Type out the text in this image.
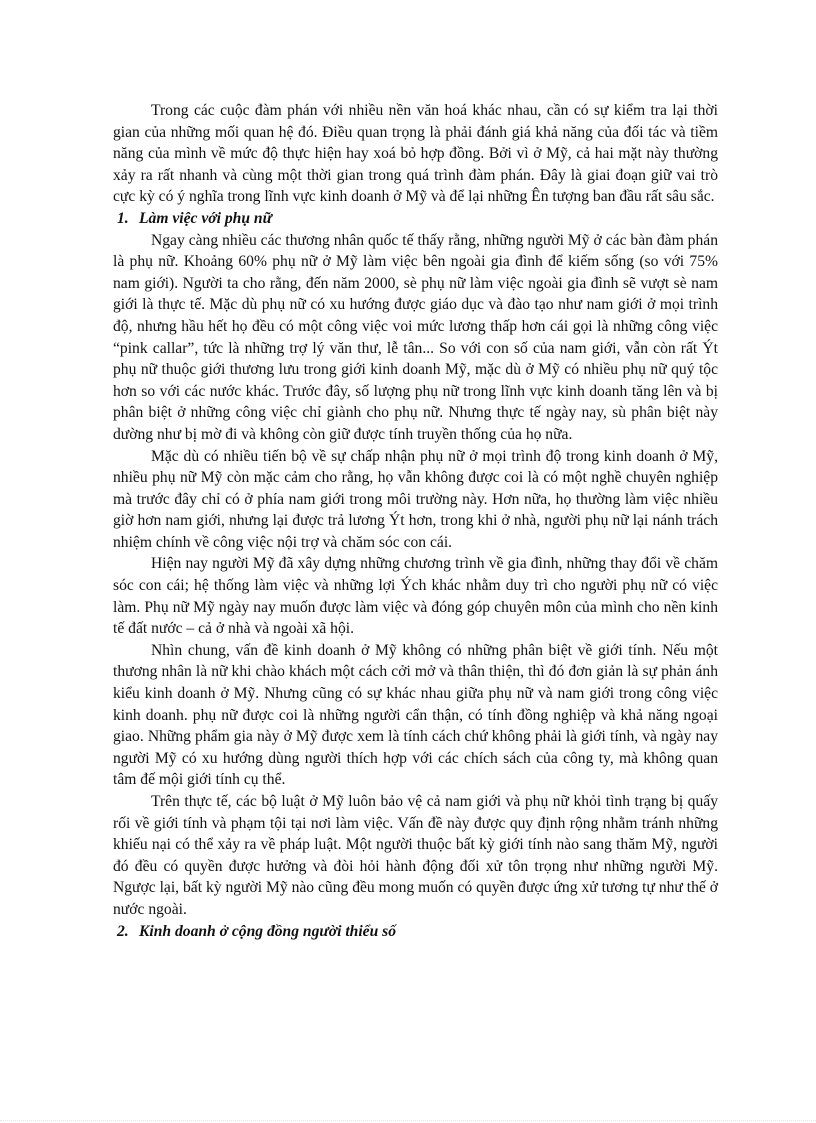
Trong các cuộc đàm phán với nhiều nền văn hoá khác nhau, cần có sự kiểm tra lại thời gian của những mối quan hệ đó. Điều quan trọng là phải đánh giá khả năng của đối tác và tiềm năng của mình về mức độ thực hiện hay xoá bỏ hợp đồng. Bởi vì ở Mỹ, cả hai mặt này thường xảy ra rất nhanh và cùng một thời gian trong quá trình đàm phán. Đây là giai đoạn giữ vai trò cực kỳ có ý nghĩa trong lĩnh vực kinh doanh ở Mỹ và để lại những Ên tượng ban đầu rất sâu sắc.

1. Làm việc với phụ nữ

Ngay càng nhiều các thương nhân quốc tế thấy rằng, những người Mỹ ở các bàn đàm phán là phụ nữ. Khoảng 60% phụ nữ ở Mỹ làm việc bên ngoài gia đình để kiếm sống (so với 75% nam giới). Người ta cho rằng, đến năm 2000, sè phụ nữ làm việc ngoài gia đình sẽ vượt sè nam giới là thực tế. Mặc dù phụ nữ có xu hướng được giáo dục và đào tạo như nam giới ở mọi trình độ, nhưng hầu hết họ đều có một công việc voi mức lương thấp hơn cái gọi là những công việc “pink callar”, tức là những trợ lý văn thư, lễ tân... So với con số của nam giới, vẫn còn rất Ýt phụ nữ thuộc giới thương lưu trong giới kinh doanh Mỹ, mặc dù ở Mỹ có nhiều phụ nữ quý tộc hơn so với các nước khác. Trước đây, số lượng phụ nữ trong lĩnh vực kinh doanh tăng lên và bị phân biệt ở những công việc chỉ giành cho phụ nữ. Nhưng thực tế ngày nay, sù phân biệt này dường như bị mờ đi và không còn giữ được tính truyền thống của họ nữa.

Mặc dù có nhiều tiến bộ về sự chấp nhận phụ nữ ở mọi trình độ trong kinh doanh ở Mỹ, nhiều phụ nữ Mỹ còn mặc cảm cho rằng, họ vẫn không được coi là có một nghề chuyên nghiệp mà trước đây chỉ có ở phía nam giới trong môi trường này. Hơn nữa, họ thường làm việc nhiều giờ hơn nam giới, nhưng lại được trả lương Ýt hơn, trong khi ở nhà, người phụ nữ lại nánh trách nhiệm chính về công việc nội trợ và chăm sóc con cái.

Hiện nay người Mỹ đã xây dựng những chương trình về gia đình, những thay đổi về chăm sóc con cái; hệ thống làm việc và những lợi Ých khác nhằm duy trì cho người phụ nữ có việc làm. Phụ nữ Mỹ ngày nay muốn được làm việc và đóng góp chuyên môn của mình cho nền kinh tế đất nước – cả ở nhà và ngoài xã hội.

Nhìn chung, vấn đề kinh doanh ở Mỹ không có những phân biệt về giới tính. Nếu một thương nhân là nữ khi chào khách một cách cởi mở và thân thiện, thì đó đơn giản là sự phản ánh kiểu kinh doanh ở Mỹ. Nhưng cũng có sự khác nhau giữa phụ nữ và nam giới trong công việc kinh doanh. phụ nữ được coi là những người cẩn thận, có tính đồng nghiệp và khả năng ngoại giao. Những phẩm gia này ở Mỹ được xem là tính cách chứ không phải là giới tính, và ngày nay người Mỹ có xu hướng dùng người thích hợp với các chích sách của công ty, mà không quan tâm đế mội giới tính cụ thể.

Trên thực tế, các bộ luật ở Mỹ luôn bảo vệ cả nam giới và phụ nữ khỏi tình trạng bị quấy rối về giới tính và phạm tội tại nơi làm việc. Vấn đề này được quy định rộng nhằm tránh những khiếu nại có thể xảy ra về pháp luật. Một người thuộc bất kỳ giới tính nào sang thăm Mỹ, người đó đều có quyền được hưởng và đòi hỏi hành động đối xử tôn trọng như những người Mỹ. Ngược lại, bất kỳ người Mỹ nào cũng đều mong muốn có quyền được ứng xử tương tự như thế ở nước ngoài.

2. Kinh doanh ở cộng đồng người thiểu số
